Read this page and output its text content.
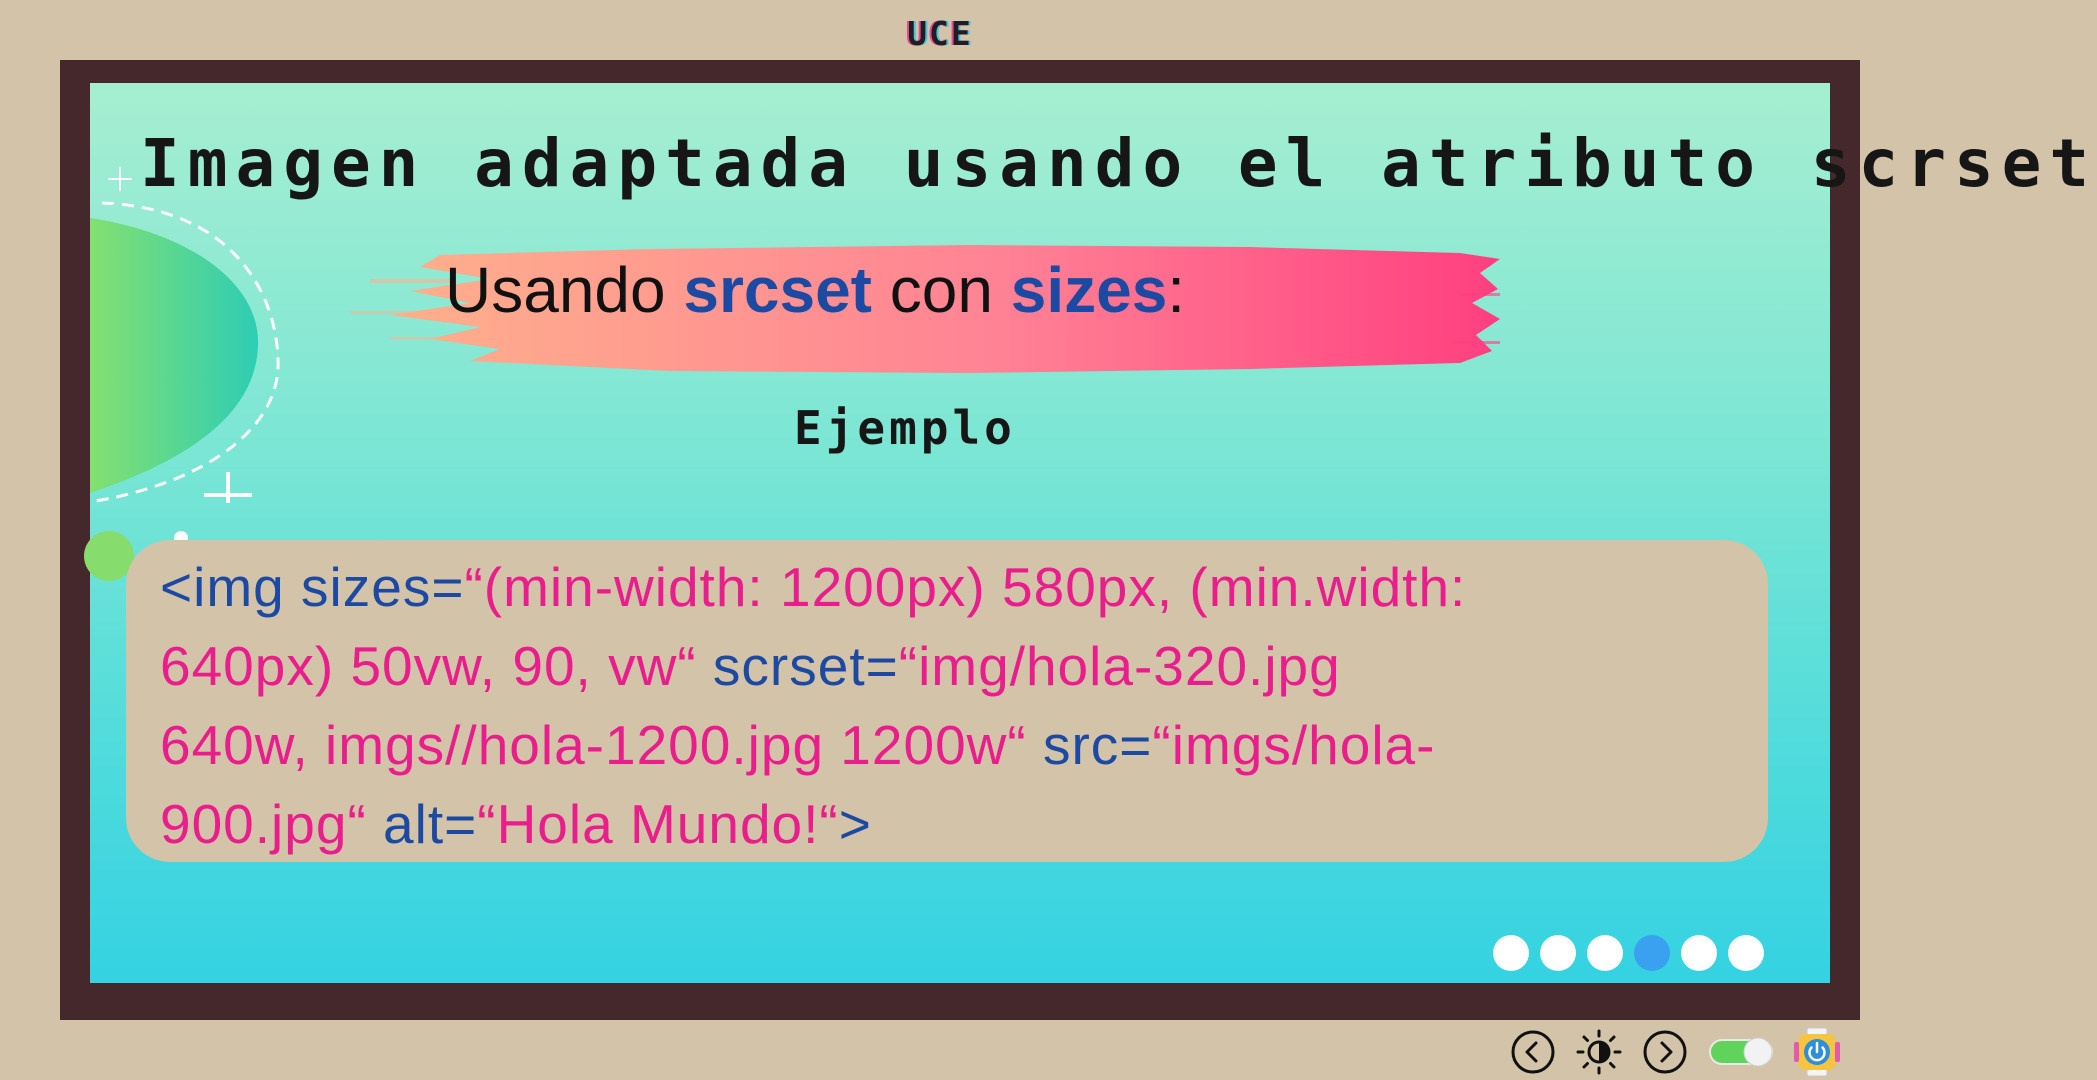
UCE
Imagen adaptada usando el atributo scrset
Usando srcset con sizes:
Ejemplo
<img sizes=“(min-width: 1200px) 580px, (min.width:
640px) 50vw, 90, vw“ scrset=“img/hola-320.jpg
640w, imgs//hola-1200.jpg 1200w“ src=“imgs/hola-
900.jpg“ alt=“Hola Mundo!“>
